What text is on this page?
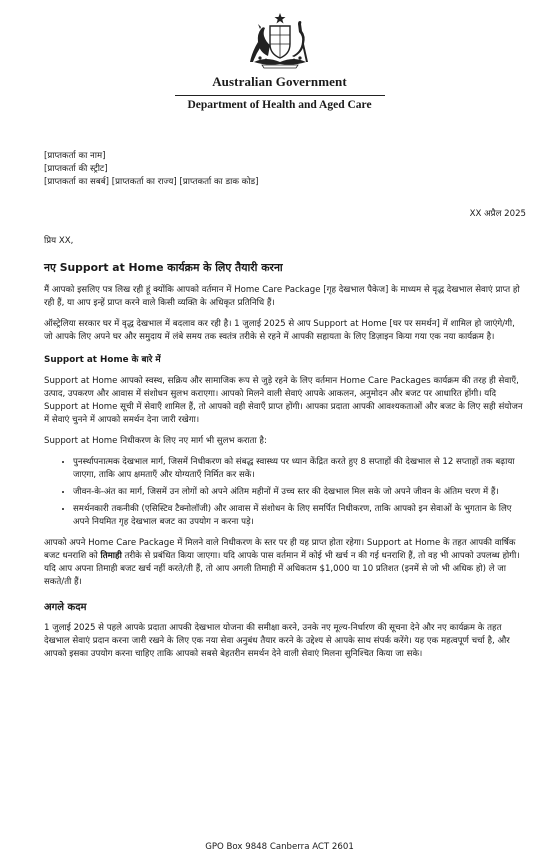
Australian Government
Department of Health and Aged Care
[प्राप्तकर्ता का नाम]
[प्राप्तकर्ता की स्ट्रीट]
[प्राप्तकर्ता का सबर्ब] [प्राप्तकर्ता का राज्य] [प्राप्तकर्ता का डाक कोड]
XX अप्रैल 2025
प्रिय XX,
नए Support at Home कार्यक्रम के लिए तैयारी करना

मैं आपको इसलिए पत्र लिख रही हूं क्योंकि आपको वर्तमान में Home Care Package [गृह देखभाल पैकेज] के माध्यम से वृद्ध देखभाल सेवाएं प्राप्त हो रही हैं, या आप इन्हें प्राप्त करने वाले किसी व्यक्ति के अधिकृत प्रतिनिधि हैं।

ऑस्ट्रेलिया सरकार घर में वृद्ध देखभाल में बदलाव कर रही है। 1 जुलाई 2025 से आप Support at Home [घर पर समर्थन] में शामिल हो जाएंगे/गी, जो आपके लिए अपने घर और समुदाय में लंबे समय तक स्वतंत्र तरीके से रहने में आपकी सहायता के लिए डिज़ाइन किया गया एक नया कार्यक्रम है।

Support at Home के बारे में

Support at Home आपको स्वस्थ, सक्रिय और सामाजिक रूप से जुड़े रहने के लिए वर्तमान Home Care Packages कार्यक्रम की तरह ही सेवाएँ, उत्पाद, उपकरण और आवास में संशोधन सुलभ कराएगा। आपको मिलने वाली सेवाएं आपके आकलन, अनुमोदन और बजट पर आधारित होंगी। यदि Support at Home सूची में सेवाएँ शामिल हैं, तो आपको वही सेवाएँ प्राप्त होंगी। आपका प्रदाता आपकी आवश्यकताओं और बजट के लिए सही संयोजन में सेवाएं चुनने में आपको समर्थन देना जारी रखेगा।

Support at Home निधीकरण के लिए नए मार्ग भी सुलभ कराता है:

• पुनर्स्थापनात्मक देखभाल मार्ग, जिसमें निधीकरण को संबद्ध स्वास्थ्य पर ध्यान केंद्रित करते हुए 8 सप्ताहों की देखभाल से 12 सप्ताहों तक बढ़ाया जाएगा, ताकि आप क्षमताएँ और योग्यताएँ निर्मित कर सकें।
• जीवन-के-अंत का मार्ग, जिसमें उन लोगों को अपने अंतिम महीनों में उच्च स्तर की देखभाल मिल सके जो अपने जीवन के अंतिम चरण में हैं।
• समर्थनकारी तकनीकी (एसिस्टिव टैक्नोलॉजी) और आवास में संशोधन के लिए समर्पित निधीकरण, ताकि आपको इन सेवाओं के भुगतान के लिए अपने नियमित गृह देखभाल बजट का उपयोग न करना पड़े।

आपको अपने Home Care Package में मिलने वाले निधीकरण के स्तर पर ही यह प्राप्त होता रहेगा। Support at Home के तहत आपकी वार्षिक बजट धनराशि को तिमाही तरीके से प्रबंधित किया जाएगा। यदि आपके पास वर्तमान में कोई भी खर्च न की गई धनराशि हैं, तो वह भी आपको उपलब्ध होगी। यदि आप अपना तिमाही बजट खर्च नहीं करते/ती हैं, तो आप अगली तिमाही में अधिकतम $1,000 या 10 प्रतिशत (इनमें से जो भी अधिक हो) ले जा सकते/ती हैं।

अगले कदम

1 जुलाई 2025 से पहले आपके प्रदाता आपकी देखभाल योजना की समीक्षा करने, उनके नए मूल्य-निर्धारण की सूचना देने और नए कार्यक्रम के तहत देखभाल सेवाएं प्रदान करना जारी रखने के लिए एक नया सेवा अनुबंध तैयार करने के उद्देश्य से आपके साथ संपर्क करेंगे। यह एक महत्वपूर्ण चर्चा है, और आपको इसका उपयोग करना चाहिए ताकि आपको सबसे बेहतरीन समर्थन देने वाली सेवाएं मिलना सुनिश्चित किया जा सके।

GPO Box 9848 Canberra ACT 2601
